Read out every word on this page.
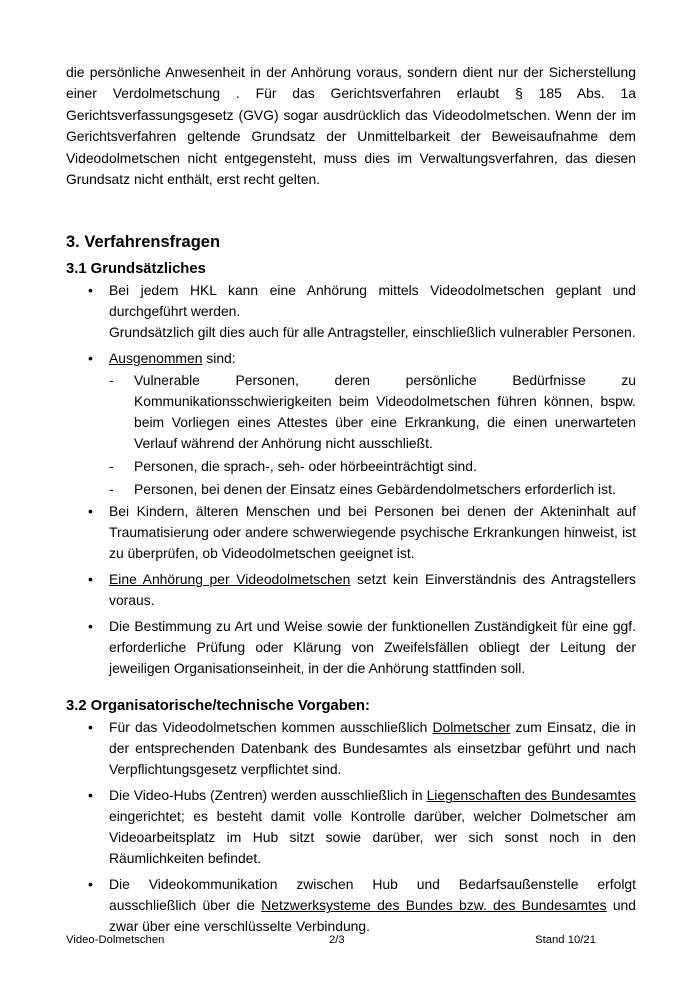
die persönliche Anwesenheit in der Anhörung voraus, sondern dient nur der Sicherstellung einer Verdolmetschung . Für das Gerichtsverfahren erlaubt § 185 Abs. 1a Gerichtsverfassungsgesetz (GVG) sogar ausdrücklich das Videodolmetschen. Wenn der im Gerichtsverfahren geltende Grundsatz der Unmittelbarkeit der Beweisaufnahme dem Videodolmetschen nicht entgegensteht, muss dies im Verwaltungsverfahren, das diesen Grundsatz nicht enthält, erst recht gelten.

3. Verfahrensfragen
3.1 Grundsätzliches
• Bei jedem HKL kann eine Anhörung mittels Videodolmetschen geplant und durchgeführt werden.
Grundsätzlich gilt dies auch für alle Antragsteller, einschließlich vulnerabler Personen.
• Ausgenommen sind:
- Vulnerable Personen, deren persönliche Bedürfnisse zu Kommunikationsschwierigkeiten beim Videodolmetschen führen können, bspw. beim Vorliegen eines Attestes über eine Erkrankung, die einen unerwarteten Verlauf während der Anhörung nicht ausschließt.
- Personen, die sprach-, seh- oder hörbeeinträchtigt sind.
- Personen, bei denen der Einsatz eines Gebärdendolmetschers erforderlich ist.
• Bei Kindern, älteren Menschen und bei Personen bei denen der Akteninhalt auf Traumatisierung oder andere schwerwiegende psychische Erkrankungen hinweist, ist zu überprüfen, ob Videodolmetschen geeignet ist.
• Eine Anhörung per Videodolmetschen setzt kein Einverständnis des Antragstellers voraus.
• Die Bestimmung zu Art und Weise sowie der funktionellen Zuständigkeit für eine ggf. erforderliche Prüfung oder Klärung von Zweifelsfällen obliegt der Leitung der jeweiligen Organisationseinheit, in der die Anhörung stattfinden soll.
3.2 Organisatorische/technische Vorgaben:
• Für das Videodolmetschen kommen ausschließlich Dolmetscher zum Einsatz, die in der entsprechenden Datenbank des Bundesamtes als einsetzbar geführt und nach Verpflichtungsgesetz verpflichtet sind.
• Die Video-Hubs (Zentren) werden ausschließlich in Liegenschaften des Bundesamtes eingerichtet; es besteht damit volle Kontrolle darüber, welcher Dolmetscher am Videoarbeitsplatz im Hub sitzt sowie darüber, wer sich sonst noch in den Räumlichkeiten befindet.
• Die Videokommunikation zwischen Hub und Bedarfsaußenstelle erfolgt ausschließlich über die Netzwerksysteme des Bundes bzw. des Bundesamtes und zwar über eine verschlüsselte Verbindung.
Video-Dolmetschen	2/3	Stand 10/21
